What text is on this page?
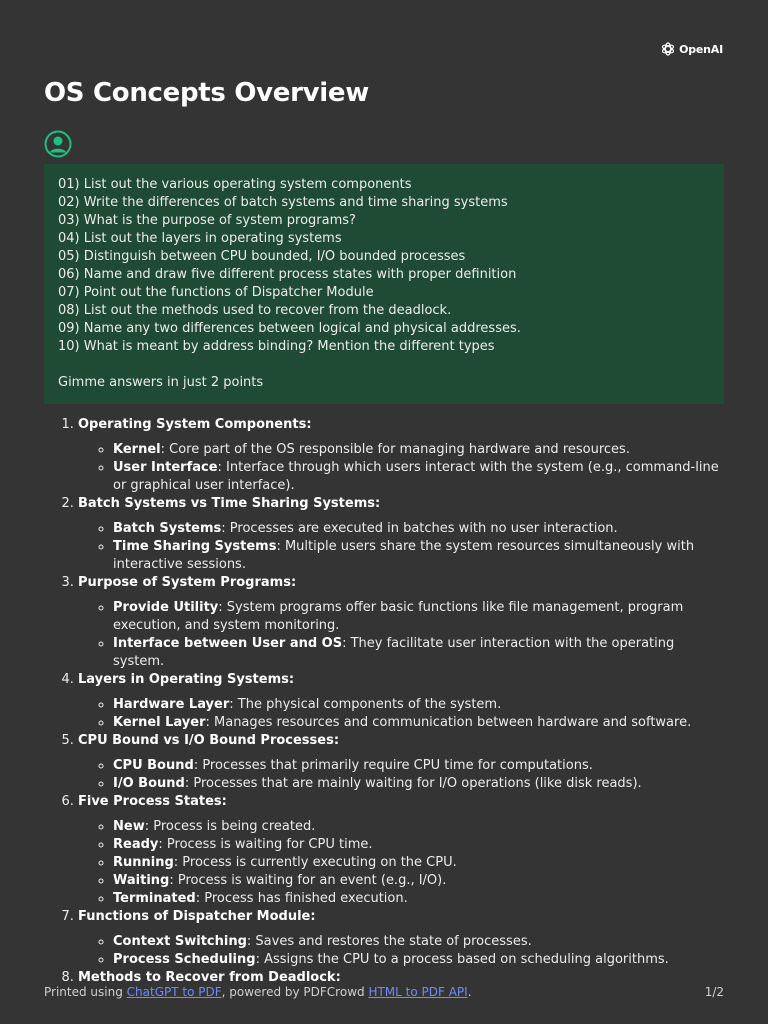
OpenAI
OS Concepts Overview
01) List out the various operating system components
02) Write the differences of batch systems and time sharing systems
03) What is the purpose of system programs?
04) List out the layers in operating systems
05) Distinguish between CPU bounded, I/O bounded processes
06) Name and draw five different process states with proper definition
07) Point out the functions of Dispatcher Module
08) List out the methods used to recover from the deadlock.
09) Name any two differences between logical and physical addresses.
10) What is meant by address binding? Mention the different types
Gimme answers in just 2 points
1. Operating System Components:
◦ Kernel: Core part of the OS responsible for managing hardware and resources.
◦ User Interface: Interface through which users interact with the system (e.g., command-line or graphical user interface).
2. Batch Systems vs Time Sharing Systems:
◦ Batch Systems: Processes are executed in batches with no user interaction.
◦ Time Sharing Systems: Multiple users share the system resources simultaneously with interactive sessions.
3. Purpose of System Programs:
◦ Provide Utility: System programs offer basic functions like file management, program execution, and system monitoring.
◦ Interface between User and OS: They facilitate user interaction with the operating system.
4. Layers in Operating Systems:
◦ Hardware Layer: The physical components of the system.
◦ Kernel Layer: Manages resources and communication between hardware and software.
5. CPU Bound vs I/O Bound Processes:
◦ CPU Bound: Processes that primarily require CPU time for computations.
◦ I/O Bound: Processes that are mainly waiting for I/O operations (like disk reads).
6. Five Process States:
◦ New: Process is being created.
◦ Ready: Process is waiting for CPU time.
◦ Running: Process is currently executing on the CPU.
◦ Waiting: Process is waiting for an event (e.g., I/O).
◦ Terminated: Process has finished execution.
7. Functions of Dispatcher Module:
◦ Context Switching: Saves and restores the state of processes.
◦ Process Scheduling: Assigns the CPU to a process based on scheduling algorithms.
8. Methods to Recover from Deadlock:
Printed using ChatGPT to PDF, powered by PDFCrowd HTML to PDF API.	1/2
